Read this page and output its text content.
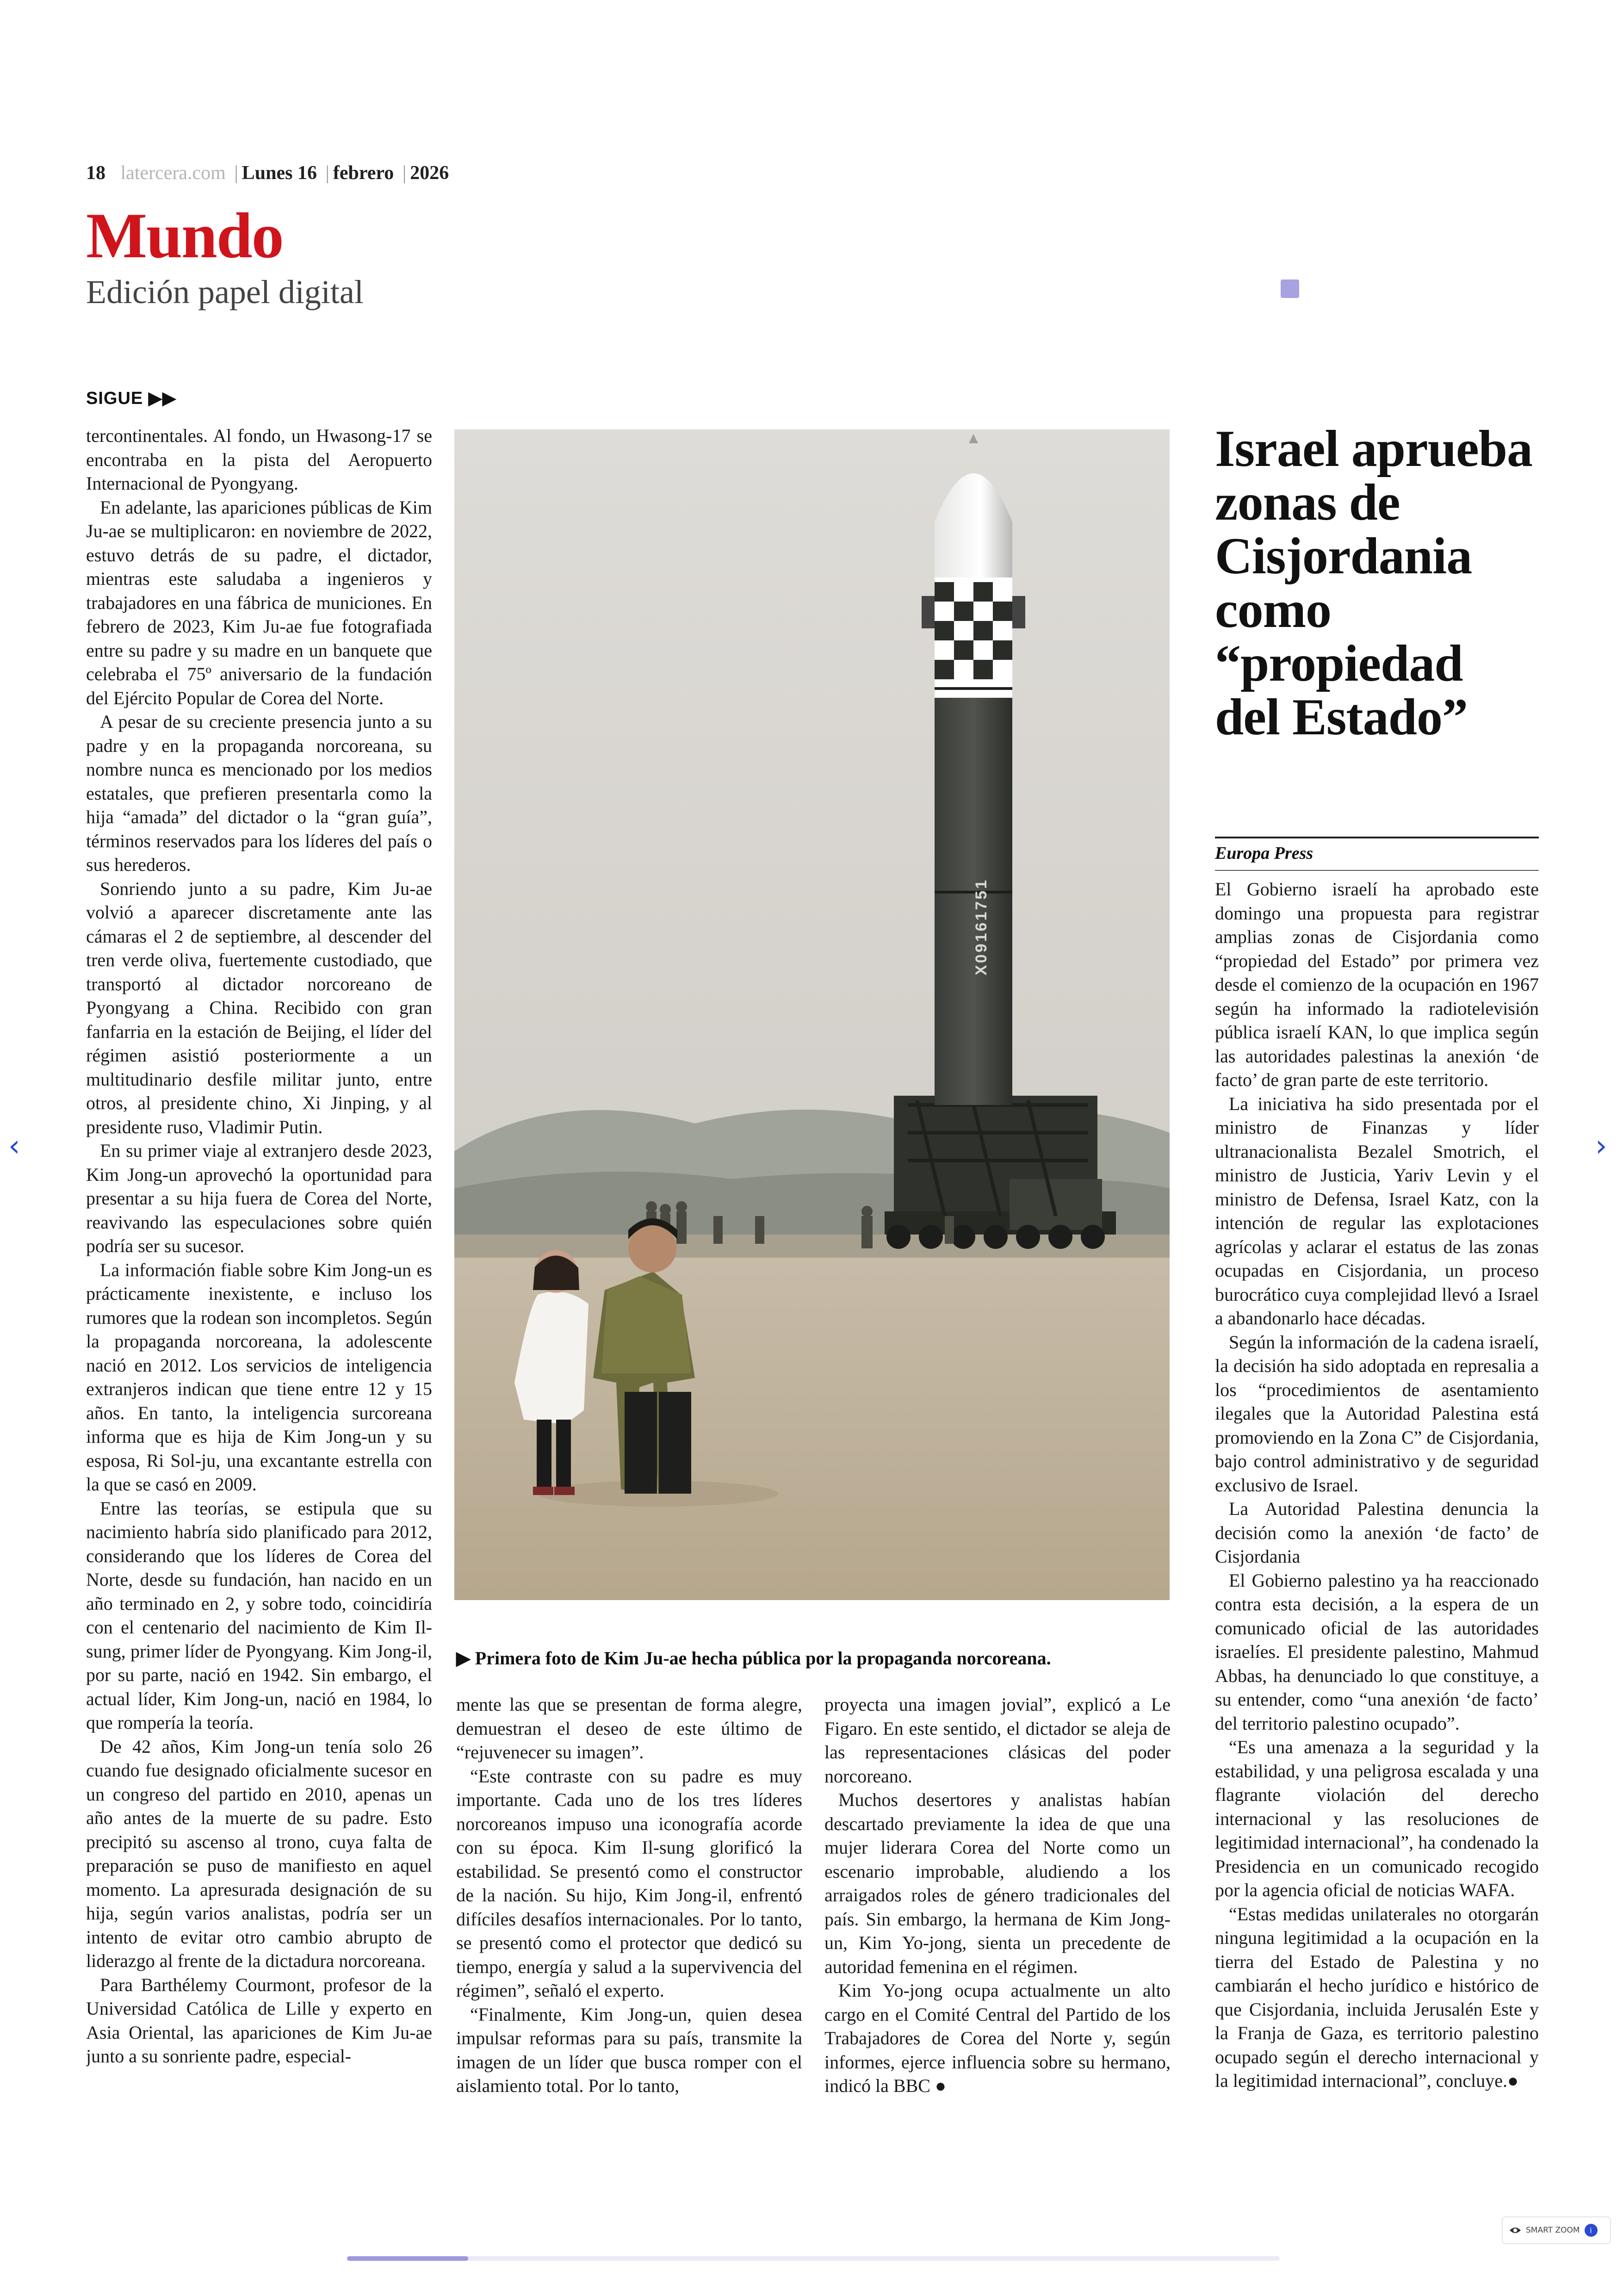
18 latercera.com | Lunes 16 | febrero | 2026
Mundo
Edición papel digital
SIGUE ▶▶

tercontinentales. Al fondo, un Hwasong-17 se encontraba en la pista del Aeropuerto Internacional de Pyongyang.

En adelante, las apariciones públicas de Kim Ju-ae se multiplicaron: en noviembre de 2022, estuvo detrás de su padre, el dictador, mientras este saludaba a ingenieros y trabajadores en una fábrica de municiones. En febrero de 2023, Kim Ju-ae fue fotografiada entre su padre y su madre en un banquete que celebraba el 75º aniversario de la fundación del Ejército Popular de Corea del Norte.

A pesar de su creciente presencia junto a su padre y en la propaganda norcoreana, su nombre nunca es mencionado por los medios estatales, que prefieren presentarla como la hija “amada” del dictador o la “gran guía”, términos reservados para los líderes del país o sus herederos.

Sonriendo junto a su padre, Kim Ju-ae volvió a aparecer discretamente ante las cámaras el 2 de septiembre, al descender del tren verde oliva, fuertemente custodiado, que transportó al dictador norcoreano de Pyongyang a China. Recibido con gran fanfarria en la estación de Beijing, el líder del régimen asistió posteriormente a un multitudinario desfile militar junto, entre otros, al presidente chino, Xi Jinping, y al presidente ruso, Vladimir Putin.

En su primer viaje al extranjero desde 2023, Kim Jong-un aprovechó la oportunidad para presentar a su hija fuera de Corea del Norte, reavivando las especulaciones sobre quién podría ser su sucesor.

La información fiable sobre Kim Jong-un es prácticamente inexistente, e incluso los rumores que la rodean son incompletos. Según la propaganda norcoreana, la adolescente nació en 2012. Los servicios de inteligencia extranjeros indican que tiene entre 12 y 15 años. En tanto, la inteligencia surcoreana informa que es hija de Kim Jong-un y su esposa, Ri Sol-ju, una excantante estrella con la que se casó en 2009.

Entre las teorías, se estipula que su nacimiento habría sido planificado para 2012, considerando que los líderes de Corea del Norte, desde su fundación, han nacido en un año terminado en 2, y sobre todo, coincidiría con el centenario del nacimiento de Kim Il-sung, primer líder de Pyongyang. Kim Jong-il, por su parte, nació en 1942. Sin embargo, el actual líder, Kim Jong-un, nació en 1984, lo que rompería la teoría.

De 42 años, Kim Jong-un tenía solo 26 cuando fue designado oficialmente sucesor en un congreso del partido en 2010, apenas un año antes de la muerte de su padre. Esto precipitó su ascenso al trono, cuya falta de preparación se puso de manifiesto en aquel momento. La apresurada designación de su hija, según varios analistas, podría ser un intento de evitar otro cambio abrupto de liderazgo al frente de la dictadura norcoreana.

Para Barthélemy Courmont, profesor de la Universidad Católica de Lille y experto en Asia Oriental, las apariciones de Kim Ju-ae junto a su sonriente padre, especial-

X09161751
▶ Primera foto de Kim Ju-ae hecha pública por la propaganda norcoreana.

mente las que se presentan de forma alegre, demuestran el deseo de este último de “rejuvenecer su imagen”.

“Este contraste con su padre es muy importante. Cada uno de los tres líderes norcoreanos impuso una iconografía acorde con su época. Kim Il-sung glorificó la estabilidad. Se presentó como el constructor de la nación. Su hijo, Kim Jong-il, enfrentó difíciles desafíos internacionales. Por lo tanto, se presentó como el protector que dedicó su tiempo, energía y salud a la supervivencia del régimen”, señaló el experto.

“Finalmente, Kim Jong-un, quien desea impulsar reformas para su país, transmite la imagen de un líder que busca romper con el aislamiento total. Por lo tanto,

proyecta una imagen jovial”, explicó a Le Figaro. En este sentido, el dictador se aleja de las representaciones clásicas del poder norcoreano.

Muchos desertores y analistas habían descartado previamente la idea de que una mujer liderara Corea del Norte como un escenario improbable, aludiendo a los arraigados roles de género tradicionales del país. Sin embargo, la hermana de Kim Jong-un, Kim Yo-jong, sienta un precedente de autoridad femenina en el régimen.

Kim Yo-jong ocupa actualmente un alto cargo en el Comité Central del Partido de los Trabajadores de Corea del Norte y, según informes, ejerce influencia sobre su hermano, indicó la BBC ●

Israel aprueba zonas de Cisjordania como “propiedad del Estado”
Europa Press

El Gobierno israelí ha aprobado este domingo una propuesta para registrar amplias zonas de Cisjordania como “propiedad del Estado” por primera vez desde el comienzo de la ocupación en 1967 según ha informado la radiotelevisión pública israelí KAN, lo que implica según las autoridades palestinas la anexión ‘de facto’ de gran parte de este territorio.

La iniciativa ha sido presentada por el ministro de Finanzas y líder ultranacionalista Bezalel Smotrich, el ministro de Justicia, Yariv Levin y el ministro de Defensa, Israel Katz, con la intención de regular las explotaciones agrícolas y aclarar el estatus de las zonas ocupadas en Cisjordania, un proceso burocrático cuya complejidad llevó a Israel a abandonarlo hace décadas.

Según la información de la cadena israelí, la decisión ha sido adoptada en represalia a los “procedimientos de asentamiento ilegales que la Autoridad Palestina está promoviendo en la Zona C” de Cisjordania, bajo control administrativo y de seguridad exclusivo de Israel.

La Autoridad Palestina denuncia la decisión como la anexión ‘de facto’ de Cisjordania

El Gobierno palestino ya ha reaccionado contra esta decisión, a la espera de un comunicado oficial de las autoridades israelíes. El presidente palestino, Mahmud Abbas, ha denunciado lo que constituye, a su entender, como “una anexión ‘de facto’ del territorio palestino ocupado”.

“Es una amenaza a la seguridad y la estabilidad, y una peligrosa escalada y una flagrante violación del derecho internacional y las resoluciones de legitimidad internacional”, ha condenado la Presidencia en un comunicado recogido por la agencia oficial de noticias WAFA.

“Estas medidas unilaterales no otorgarán ninguna legitimidad a la ocupación en la tierra del Estado de Palestina y no cambiarán el hecho jurídico e histórico de que Cisjordania, incluida Jerusalén Este y la Franja de Gaza, es territorio palestino ocupado según el derecho internacional y la legitimidad internacional”, concluye.●

‹	›
SMART ZOOM	i
